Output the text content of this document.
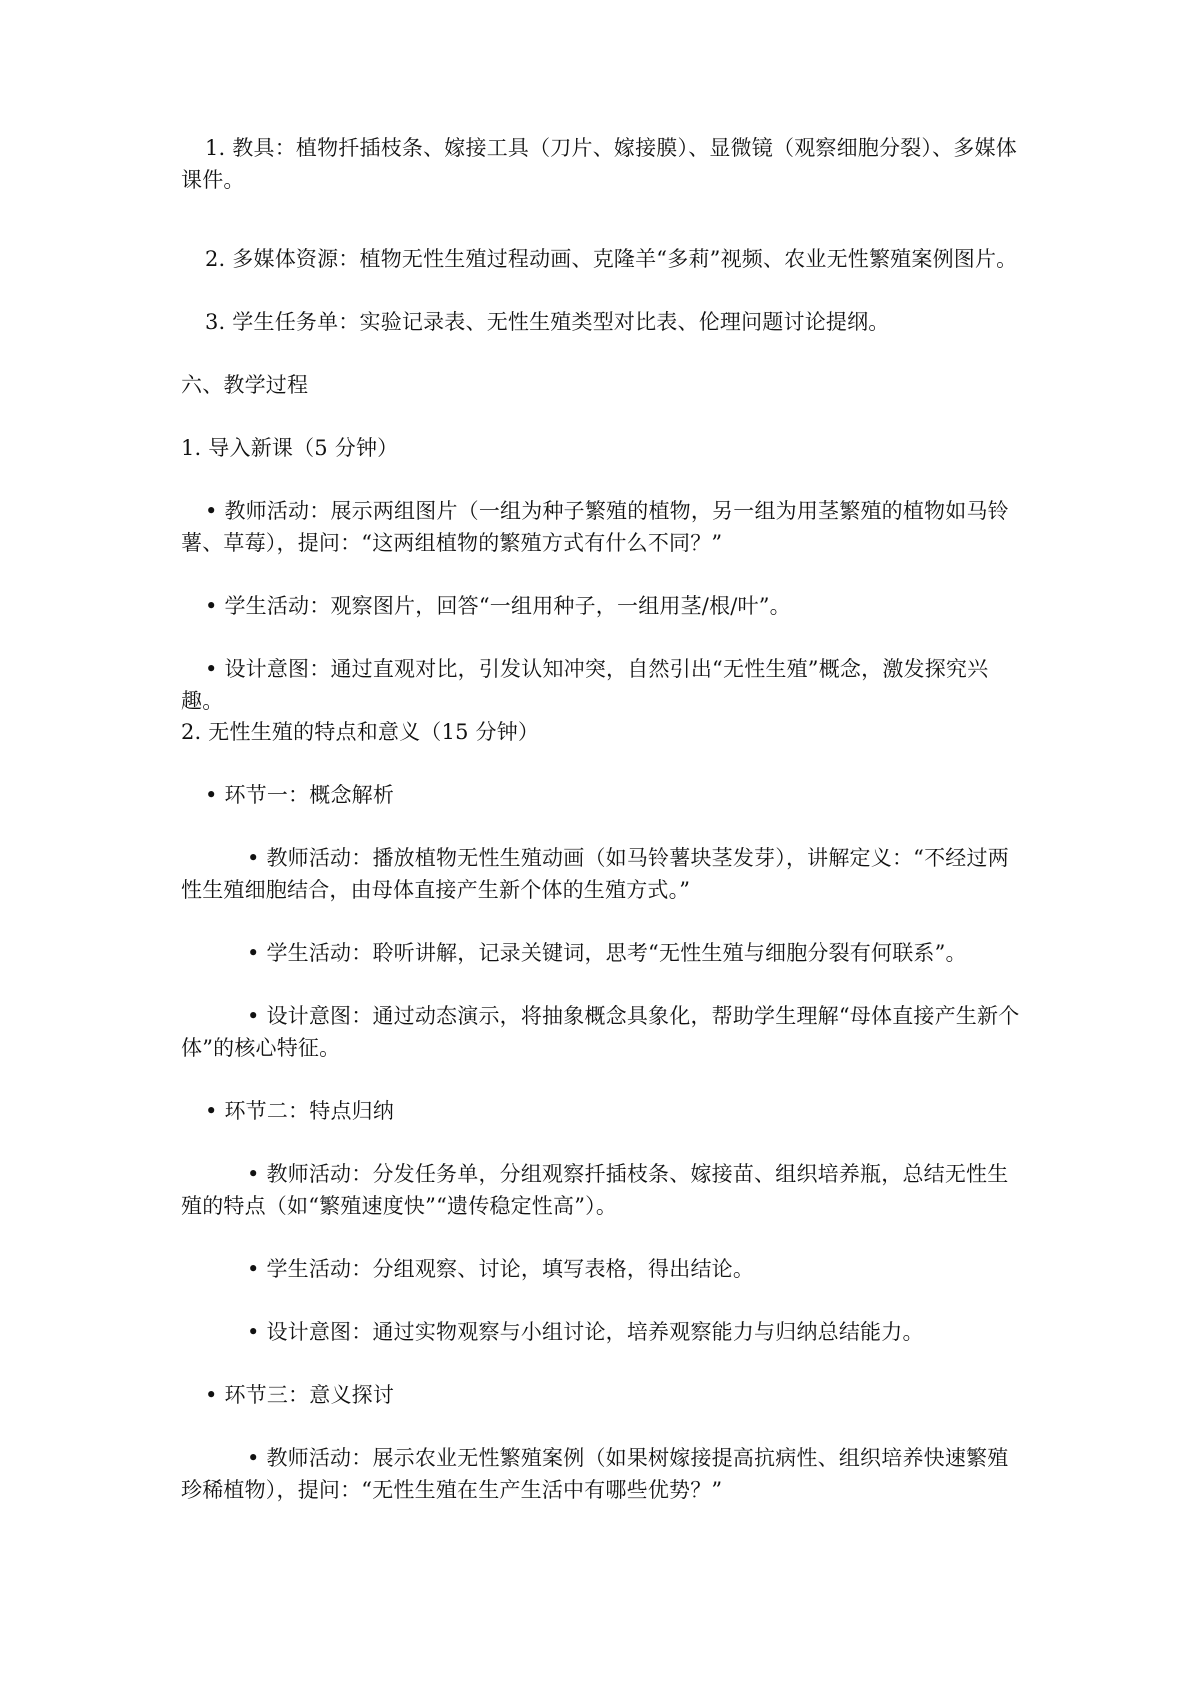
1. 教具：植物扦插枝条、嫁接工具（刀片、嫁接膜）、显微镜（观察细胞分裂）、多媒体课件。

2. 多媒体资源：植物无性生殖过程动画、克隆羊“多莉”视频、农业无性繁殖案例图片。

3. 学生任务单：实验记录表、无性生殖类型对比表、伦理问题讨论提纲。

六、教学过程

1. 导入新课（5 分钟）

• 教师活动：展示两组图片（一组为种子繁殖的植物，另一组为用茎繁殖的植物如马铃薯、草莓），提问：“这两组植物的繁殖方式有什么不同？”

• 学生活动：观察图片，回答“一组用种子，一组用茎/根/叶”。

• 设计意图：通过直观对比，引发认知冲突，自然引出“无性生殖”概念，激发探究兴趣。

2. 无性生殖的特点和意义（15 分钟）

• 环节一：概念解析

• 教师活动：播放植物无性生殖动画（如马铃薯块茎发芽），讲解定义：“不经过两性生殖细胞结合，由母体直接产生新个体的生殖方式。”

• 学生活动：聆听讲解，记录关键词，思考“无性生殖与细胞分裂有何联系”。

• 设计意图：通过动态演示，将抽象概念具象化，帮助学生理解“母体直接产生新个体”的核心特征。

• 环节二：特点归纳

• 教师活动：分发任务单，分组观察扦插枝条、嫁接苗、组织培养瓶，总结无性生殖的特点（如“繁殖速度快”“遗传稳定性高”）。

• 学生活动：分组观察、讨论，填写表格，得出结论。

• 设计意图：通过实物观察与小组讨论，培养观察能力与归纳总结能力。

• 环节三：意义探讨

• 教师活动：展示农业无性繁殖案例（如果树嫁接提高抗病性、组织培养快速繁殖珍稀植物），提问：“无性生殖在生产生活中有哪些优势？”
